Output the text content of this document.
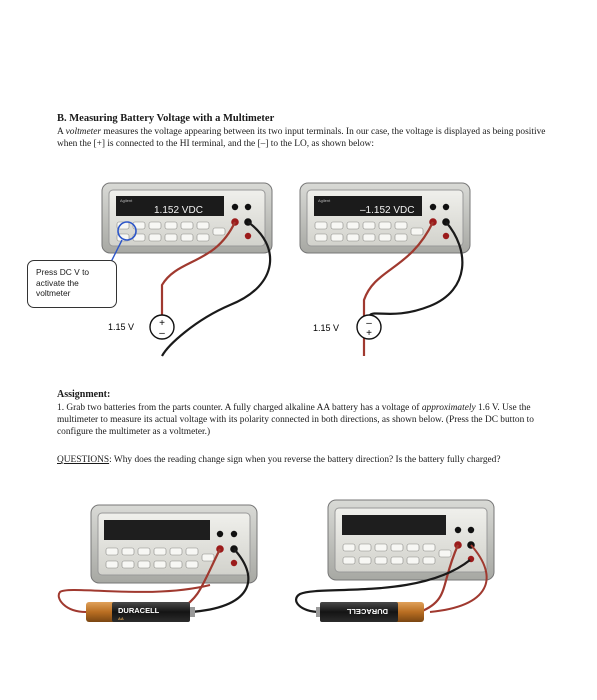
B. Measuring Battery Voltage with a Multimeter
A voltmeter measures the voltage appearing between its two input terminals. In our case, the voltage is displayed as being positive when the [+] is connected to the HI terminal, and the [–] to the LO, as shown below:
Agilent
1.152 VDC
+
–
Agilent
–1.152 VDC
–
+
1.15 V	1.15 V
DURACELL
AA
DURACELL
Press DC V to activate the voltmeter
Assignment:
1. Grab two batteries from the parts counter. A fully charged alkaline AA battery has a voltage of approximately 1.6 V. Use the multimeter to measure its actual voltage with its polarity connected in both directions, as shown below. (Press the DC button to configure the multimeter as a voltmeter.)
QUESTIONS: Why does the reading change sign when you reverse the battery direction? Is the battery fully charged?
